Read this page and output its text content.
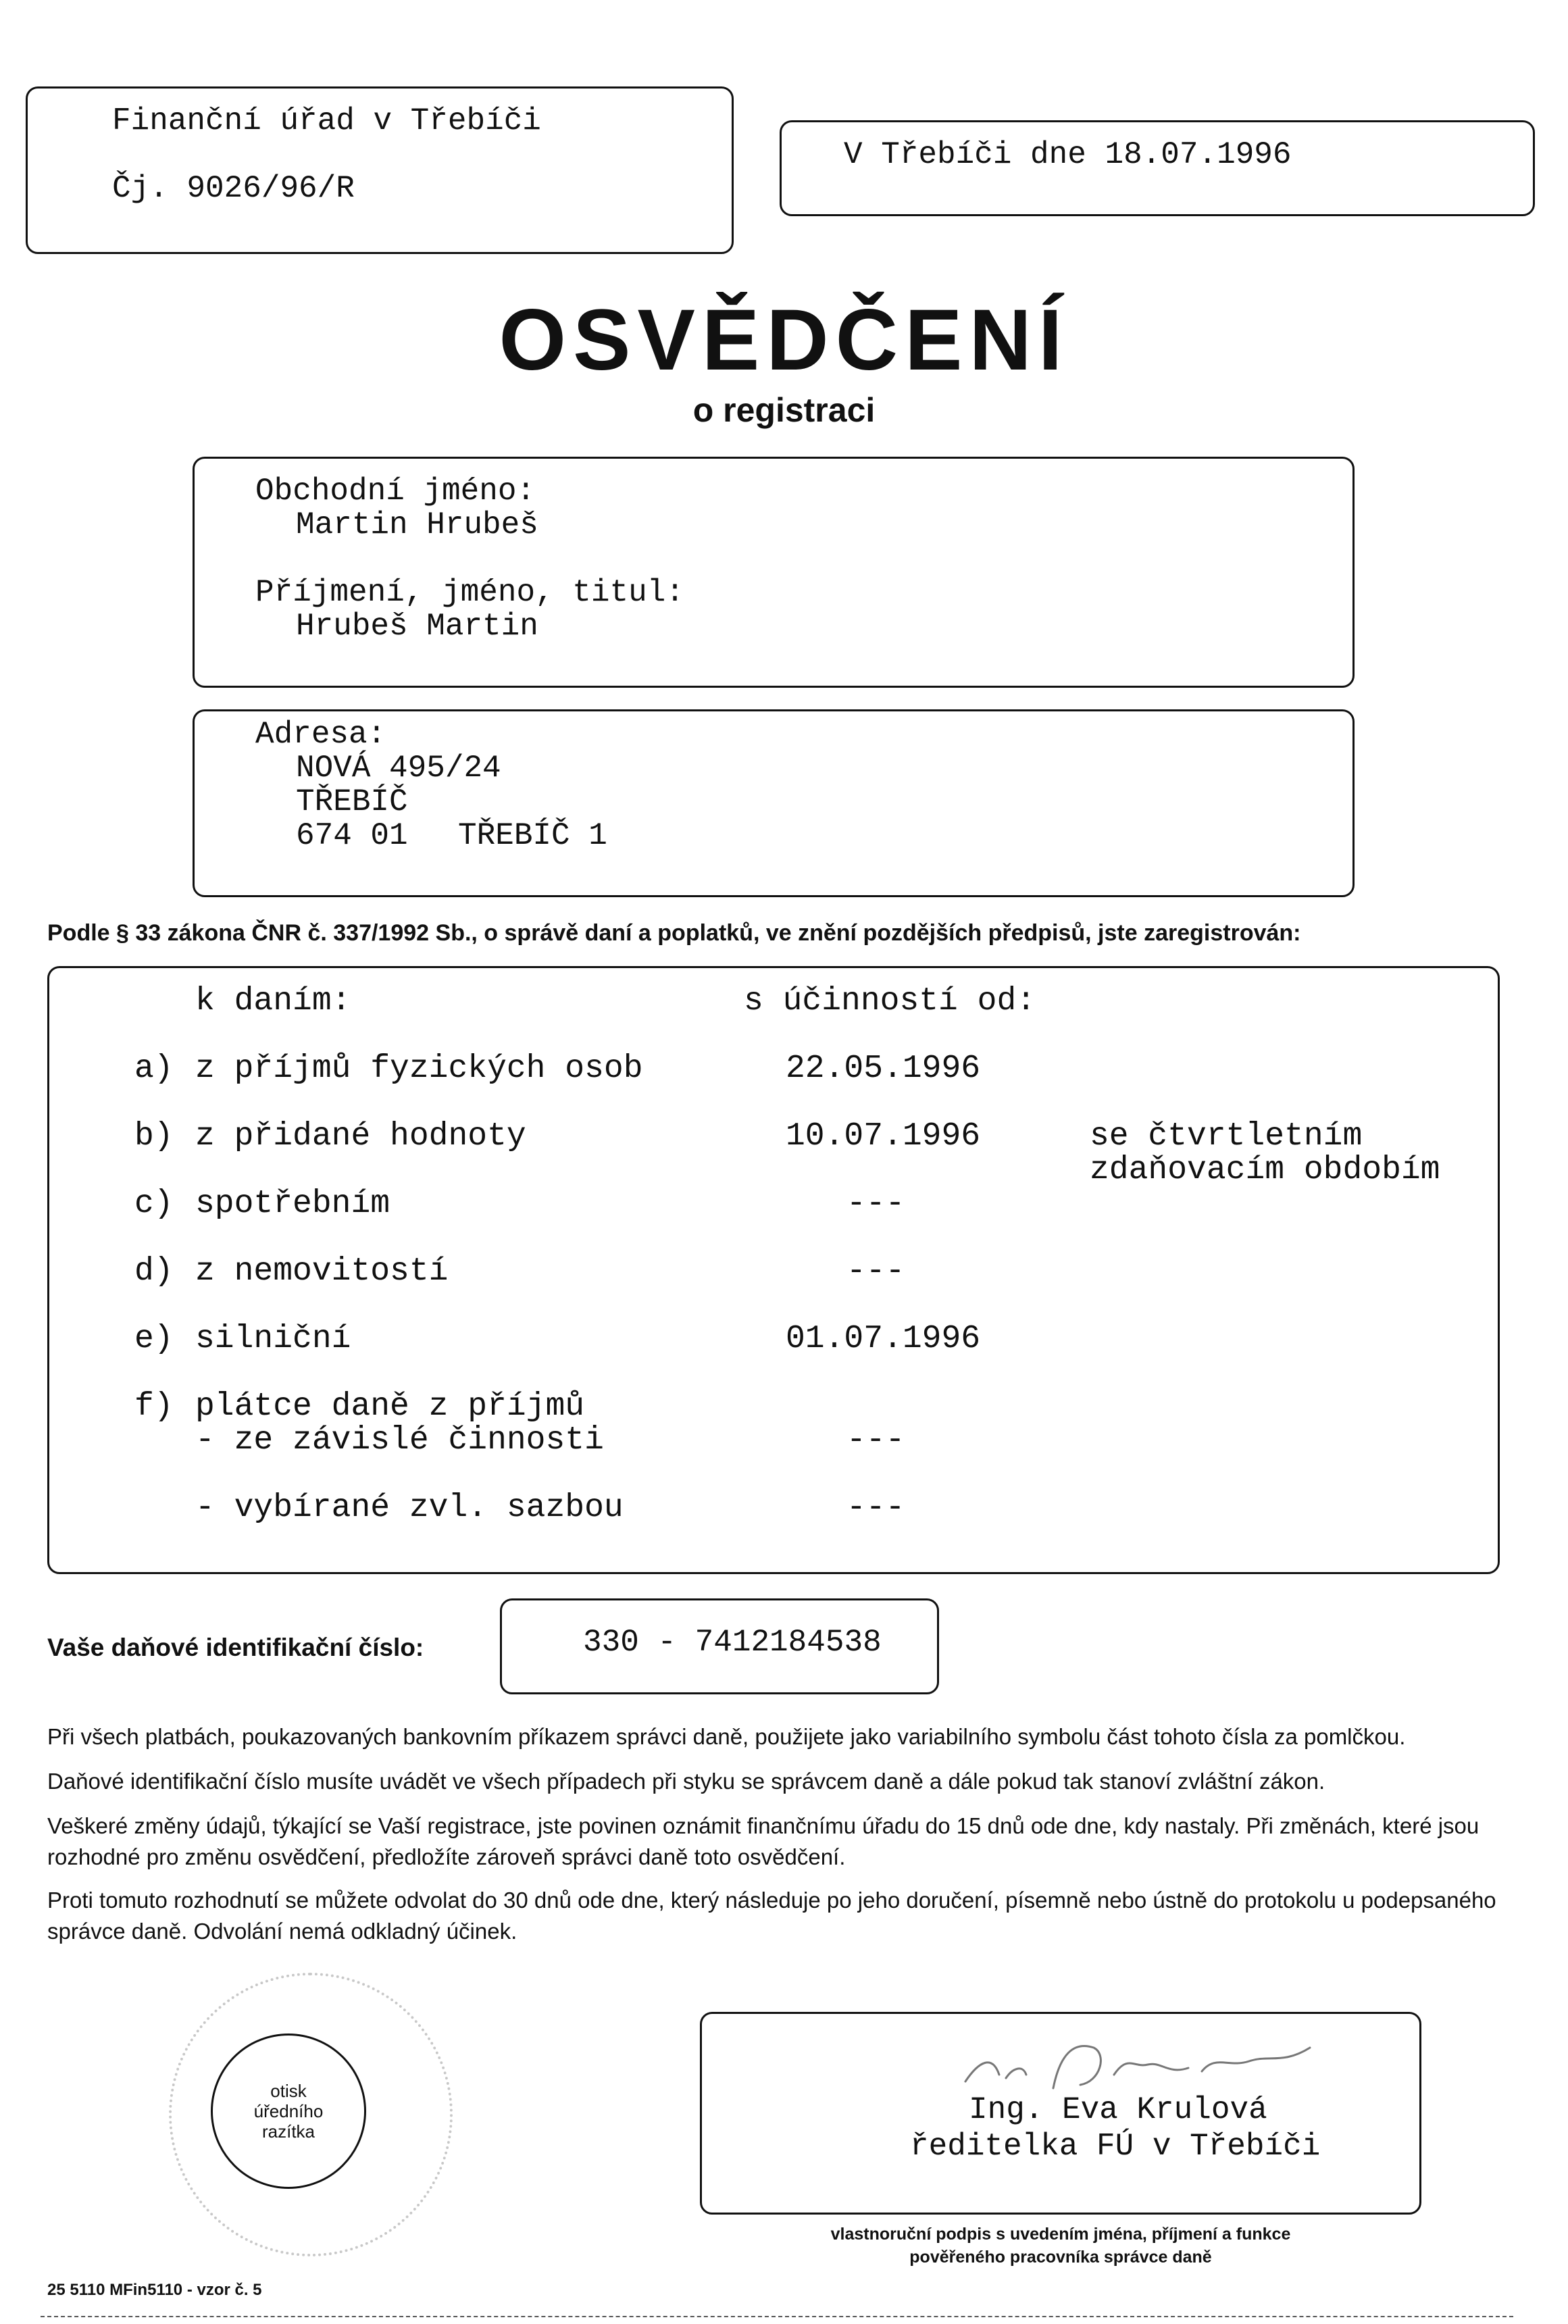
Finanční úřad v Třebíči
Čj. 9026/96/R
V Třebíči dne 18.07.1996
OSVĚDČENÍ
o registraci
Obchodní jméno:
Martin Hrubeš
Příjmení, jméno, titul:
Hrubeš Martin
Adresa:
NOVÁ 495/24
TŘEBÍČ
674 01 TŘEBÍČ 1
Podle § 33 zákona ČNR č. 337/1992 Sb., o správě daní a poplatků, ve znění pozdějších předpisů, jste zaregistrován:
k daním:	s účinností od:
a) z příjmů fyzických osob	22.05.1996
b) z přidané hodnoty	10.07.1996	se čtvrtletním
zdaňovacím obdobím
c) spotřebním	---
d) z nemovitostí	---
e) silniční	01.07.1996
f) plátce daně z příjmů
- ze závislé činnosti	---
- vybírané zvl. sazbou	---
Vaše daňové identifikační číslo:	330 - 7412184538
Při všech platbách, poukazovaných bankovním příkazem správci daně, použijete jako variabilního symbolu část tohoto čísla za pomlčkou.
Daňové identifikační číslo musíte uvádět ve všech případech při styku se správcem daně a dále pokud tak stanoví zvláštní zákon.
Veškeré změny údajů, týkající se Vaší registrace, jste povinen oznámit finančnímu úřadu do 15 dnů ode dne, kdy nastaly. Při změnách, které jsou rozhodné pro změnu osvědčení, předložíte zároveň správci daně toto osvědčení.
Proti tomuto rozhodnutí se můžete odvolat do 30 dnů ode dne, který následuje po jeho doručení, písemně nebo ústně do protokolu u podepsaného správce daně. Odvolání nemá odkladný účinek.
otisk
úředního
razítka
Ing. Eva Krulová
ředitelka FÚ v Třebíči
vlastnoruční podpis s uvedením jména, příjmení a funkce
pověřeného pracovníka správce daně
25 5110 MFin5110 - vzor č. 5
